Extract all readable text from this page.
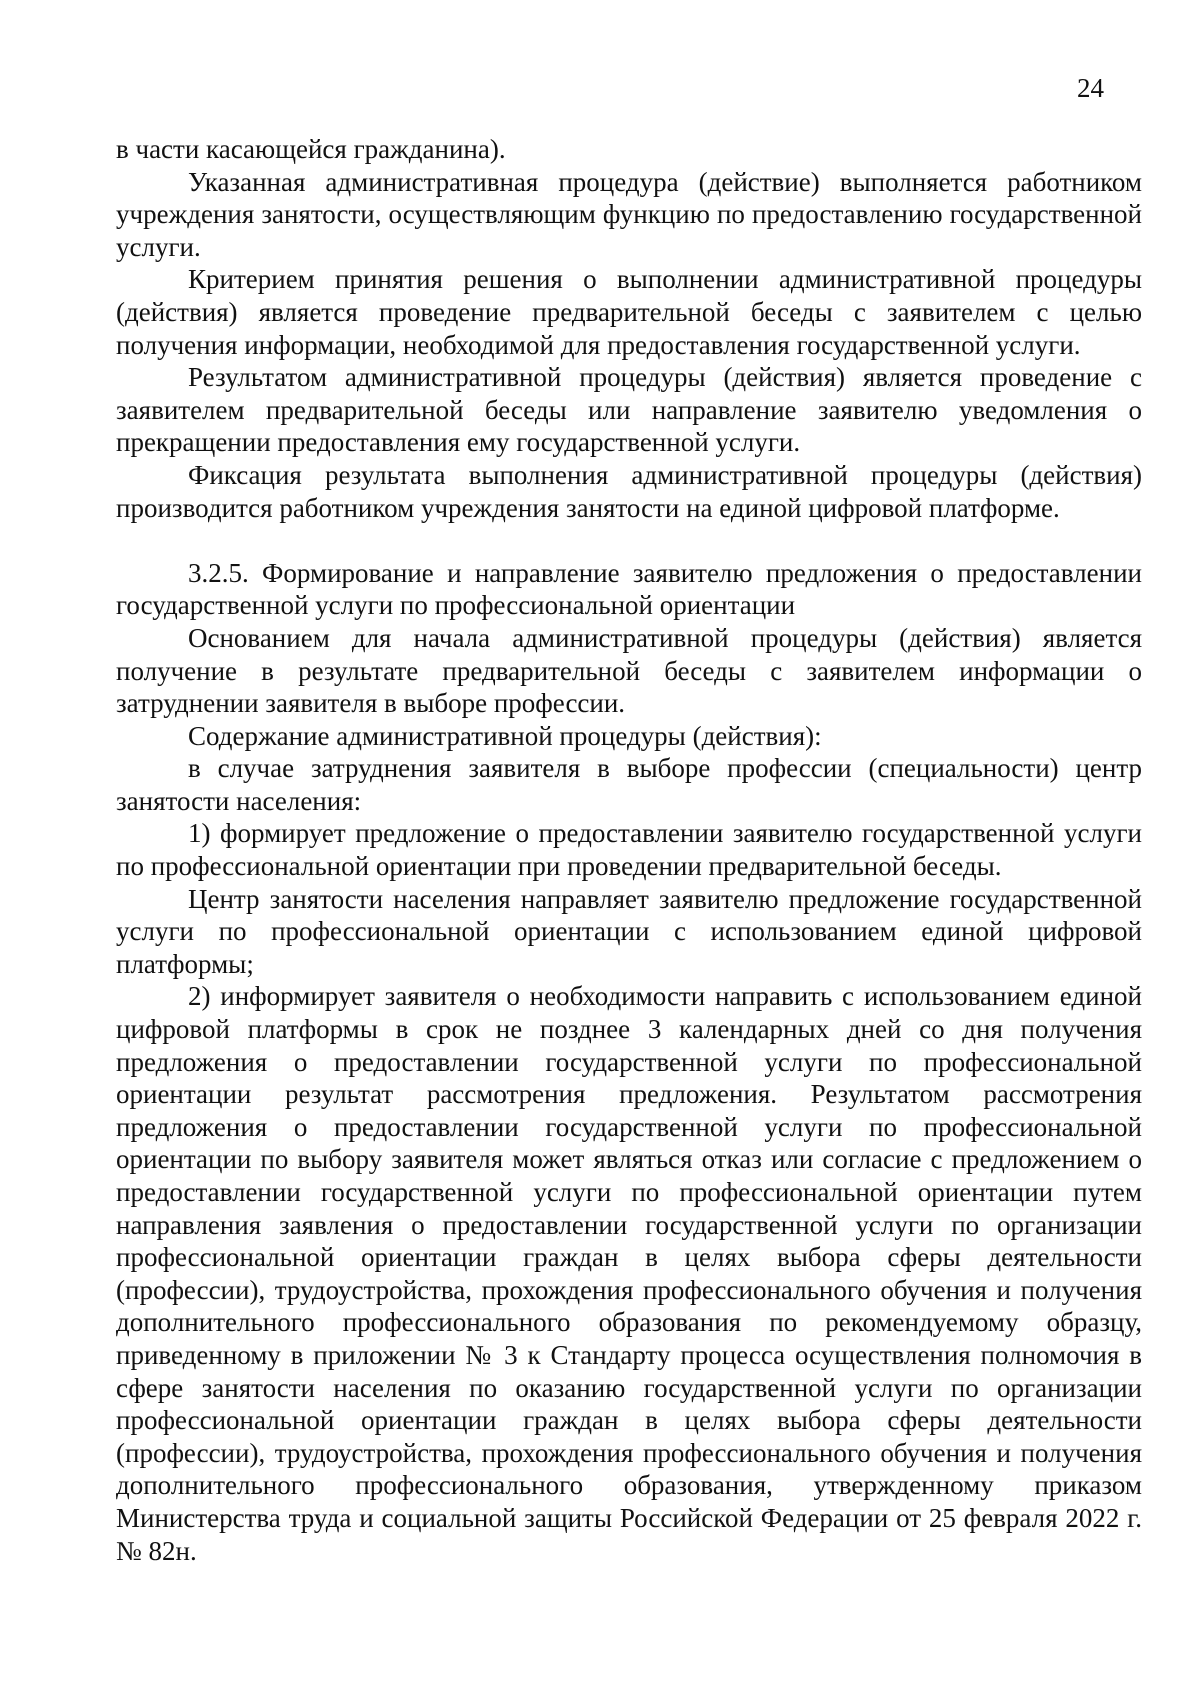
24

в части касающейся гражданина).

Указанная административная процедура (действие) выполняется работником учреждения занятости, осуществляющим функцию по предоставлению государственной услуги.

Критерием принятия решения о выполнении административной процедуры (действия) является проведение предварительной беседы с заявителем с целью получения информации, необходимой для предоставления государственной услуги.

Результатом административной процедуры (действия) является проведение с заявителем предварительной беседы или направление заявителю уведомления о прекращении предоставления ему государственной услуги.

Фиксация результата выполнения административной процедуры (действия) производится работником учреждения занятости на единой цифровой платформе.

3.2.5. Формирование и направление заявителю предложения о предоставлении государственной услуги по профессиональной ориентации

Основанием для начала административной процедуры (действия) является получение в результате предварительной беседы с заявителем информации о затруднении заявителя в выборе профессии.

Содержание административной процедуры (действия):

в случае затруднения заявителя в выборе профессии (специальности) центр занятости населения:

1) формирует предложение о предоставлении заявителю государственной услуги по профессиональной ориентации при проведении предварительной беседы.

Центр занятости населения направляет заявителю предложение государственной услуги по профессиональной ориентации с использованием единой цифровой платформы;

2) информирует заявителя о необходимости направить с использованием единой цифровой платформы в срок не позднее 3 календарных дней со дня получения предложения о предоставлении государственной услуги по профессиональной ориентации результат рассмотрения предложения. Результатом рассмотрения предложения о предоставлении государственной услуги по профессиональной ориентации по выбору заявителя может являться отказ или согласие с предложением о предоставлении государственной услуги по профессиональной ориентации путем направления заявления о предоставлении государственной услуги по организации профессиональной ориентации граждан в целях выбора сферы деятельности (профессии), трудоустройства, прохождения профессионального обучения и получения дополнительного профессионального образования по рекомендуемому образцу, приведенному в приложении № 3 к Стандарту процесса осуществления полномочия в сфере занятости населения по оказанию государственной услуги по организации профессиональной ориентации граждан в целях выбора сферы деятельности (профессии), трудоустройства, прохождения профессионального обучения и получения дополнительного профессионального образования, утвержденному приказом Министерства труда и социальной защиты Российской Федерации от 25 февраля 2022 г. № 82н.
